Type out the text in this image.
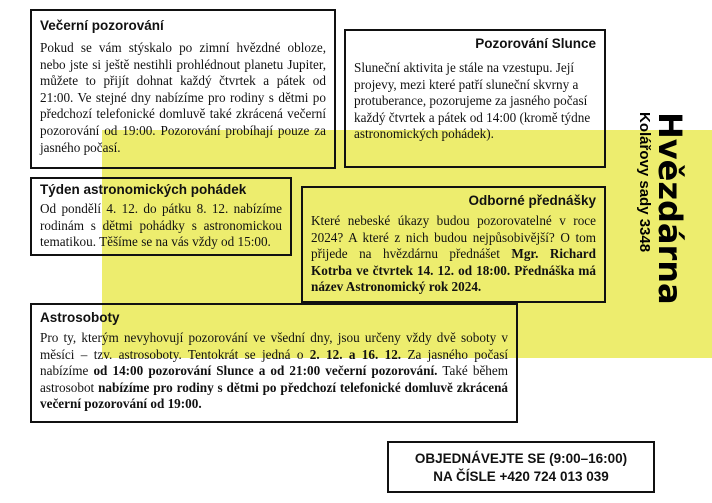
Večerní pozorování
Pokud se vám stýskalo po zimní hvězdné obloze, nebo jste si ještě nestihli prohlédnout planetu Jupiter, můžete to přijít dohnat každý čtvrtek a pátek od 21:00. Ve stejné dny nabízíme pro rodiny s dětmi po předchozí telefonické domluvě také zkrácená večerní pozorování od 19:00. Pozorování probíhají pouze za jasného počasí.
Pozorování Slunce
Sluneční aktivita je stále na vzestupu. Její projevy, mezi které patří sluneční skvrny a protuberance, pozorujeme za jasného počasí každý čtvrtek a pátek od 14:00 (kromě týdne astronomických pohádek).
Týden astronomických pohádek
Od pondělí 4. 12. do pátku 8. 12. nabízíme rodinám s dětmi pohádky s astronomickou tematikou. Těšíme se na vás vždy od 15:00.
Odborné přednášky
Které nebeské úkazy budou pozorovatelné v roce 2024? A které z nich budou nejpůsobivější? O tom přijede na hvězdárnu přednášet Mgr. Richard Kotrba ve čtvrtek 14. 12. od 18:00. Přednáška má název Astronomický rok 2024.
Astrosoboty
Pro ty, kterým nevyhovují pozorování ve všední dny, jsou určeny vždy dvě soboty v měsíci – tzv. astrosoboty. Tentokrát se jedná o 2. 12. a 16. 12. Za jasného počasí nabízíme od 14:00 pozorování Slunce a od 21:00 večerní pozorování. Také během astrosobot nabízíme pro rodiny s dětmi po předchozí telefonické domluvě zkrácená večerní pozorování od 19:00.
OBJEDNÁVEJTE SE (9:00–16:00)
NA ČÍSLE +420 724 013 039
Hvězdárna
Kolářovy sady 3348
